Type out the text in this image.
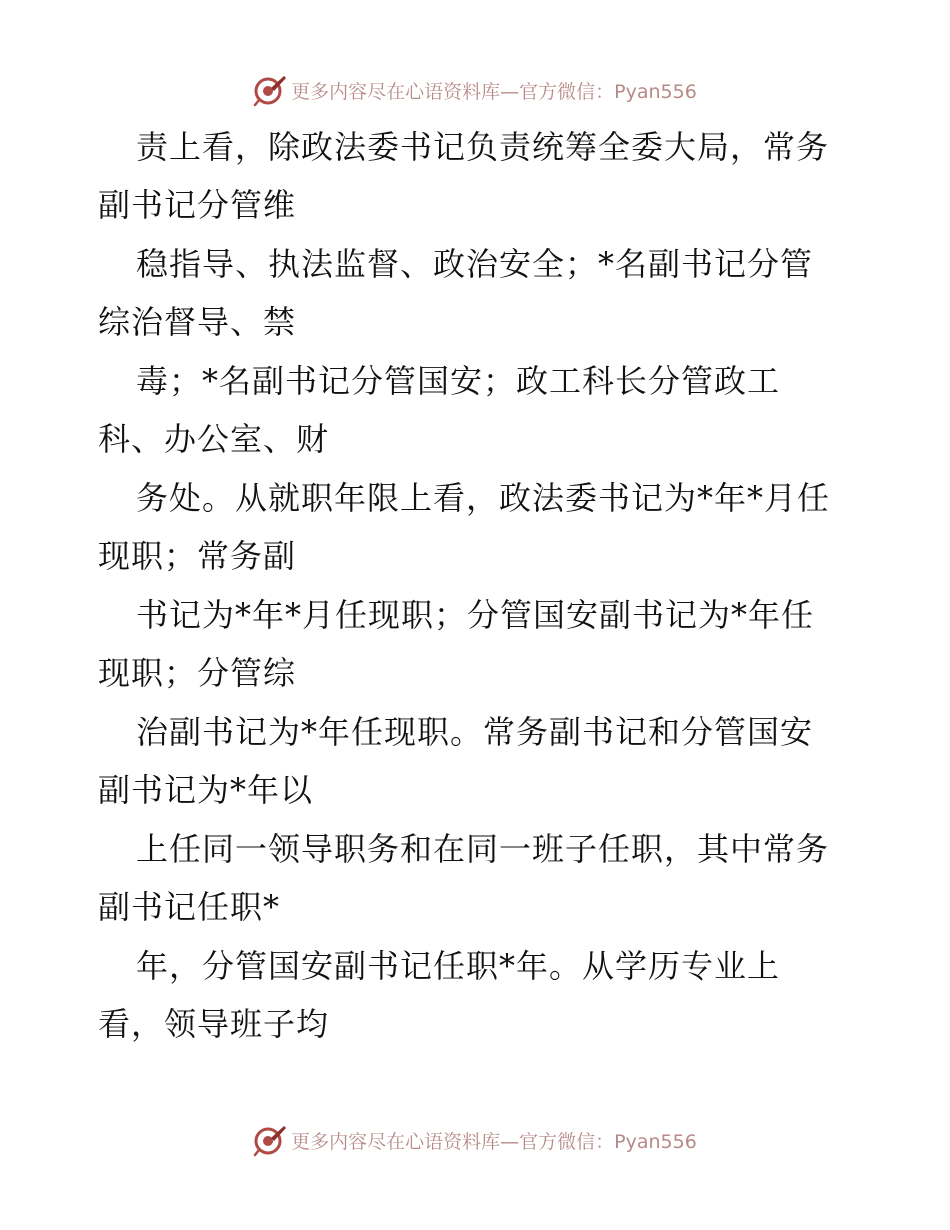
更多内容尽在心语资料库—官方微信：Pyan556
责上看，除政法委书记负责统筹全委大局，常务
副书记分管维
稳指导、执法监督、政治安全；*名副书记分管
综治督导、禁
毒；*名副书记分管国安；政工科长分管政工
科、办公室、财
务处。从就职年限上看，政法委书记为*年*月任
现职；常务副
书记为*年*月任现职；分管国安副书记为*年任
现职；分管综
治副书记为*年任现职。常务副书记和分管国安
副书记为*年以
上任同一领导职务和在同一班子任职，其中常务
副书记任职*
年，分管国安副书记任职*年。从学历专业上
看，领导班子均
更多内容尽在心语资料库—官方微信：Pyan556
